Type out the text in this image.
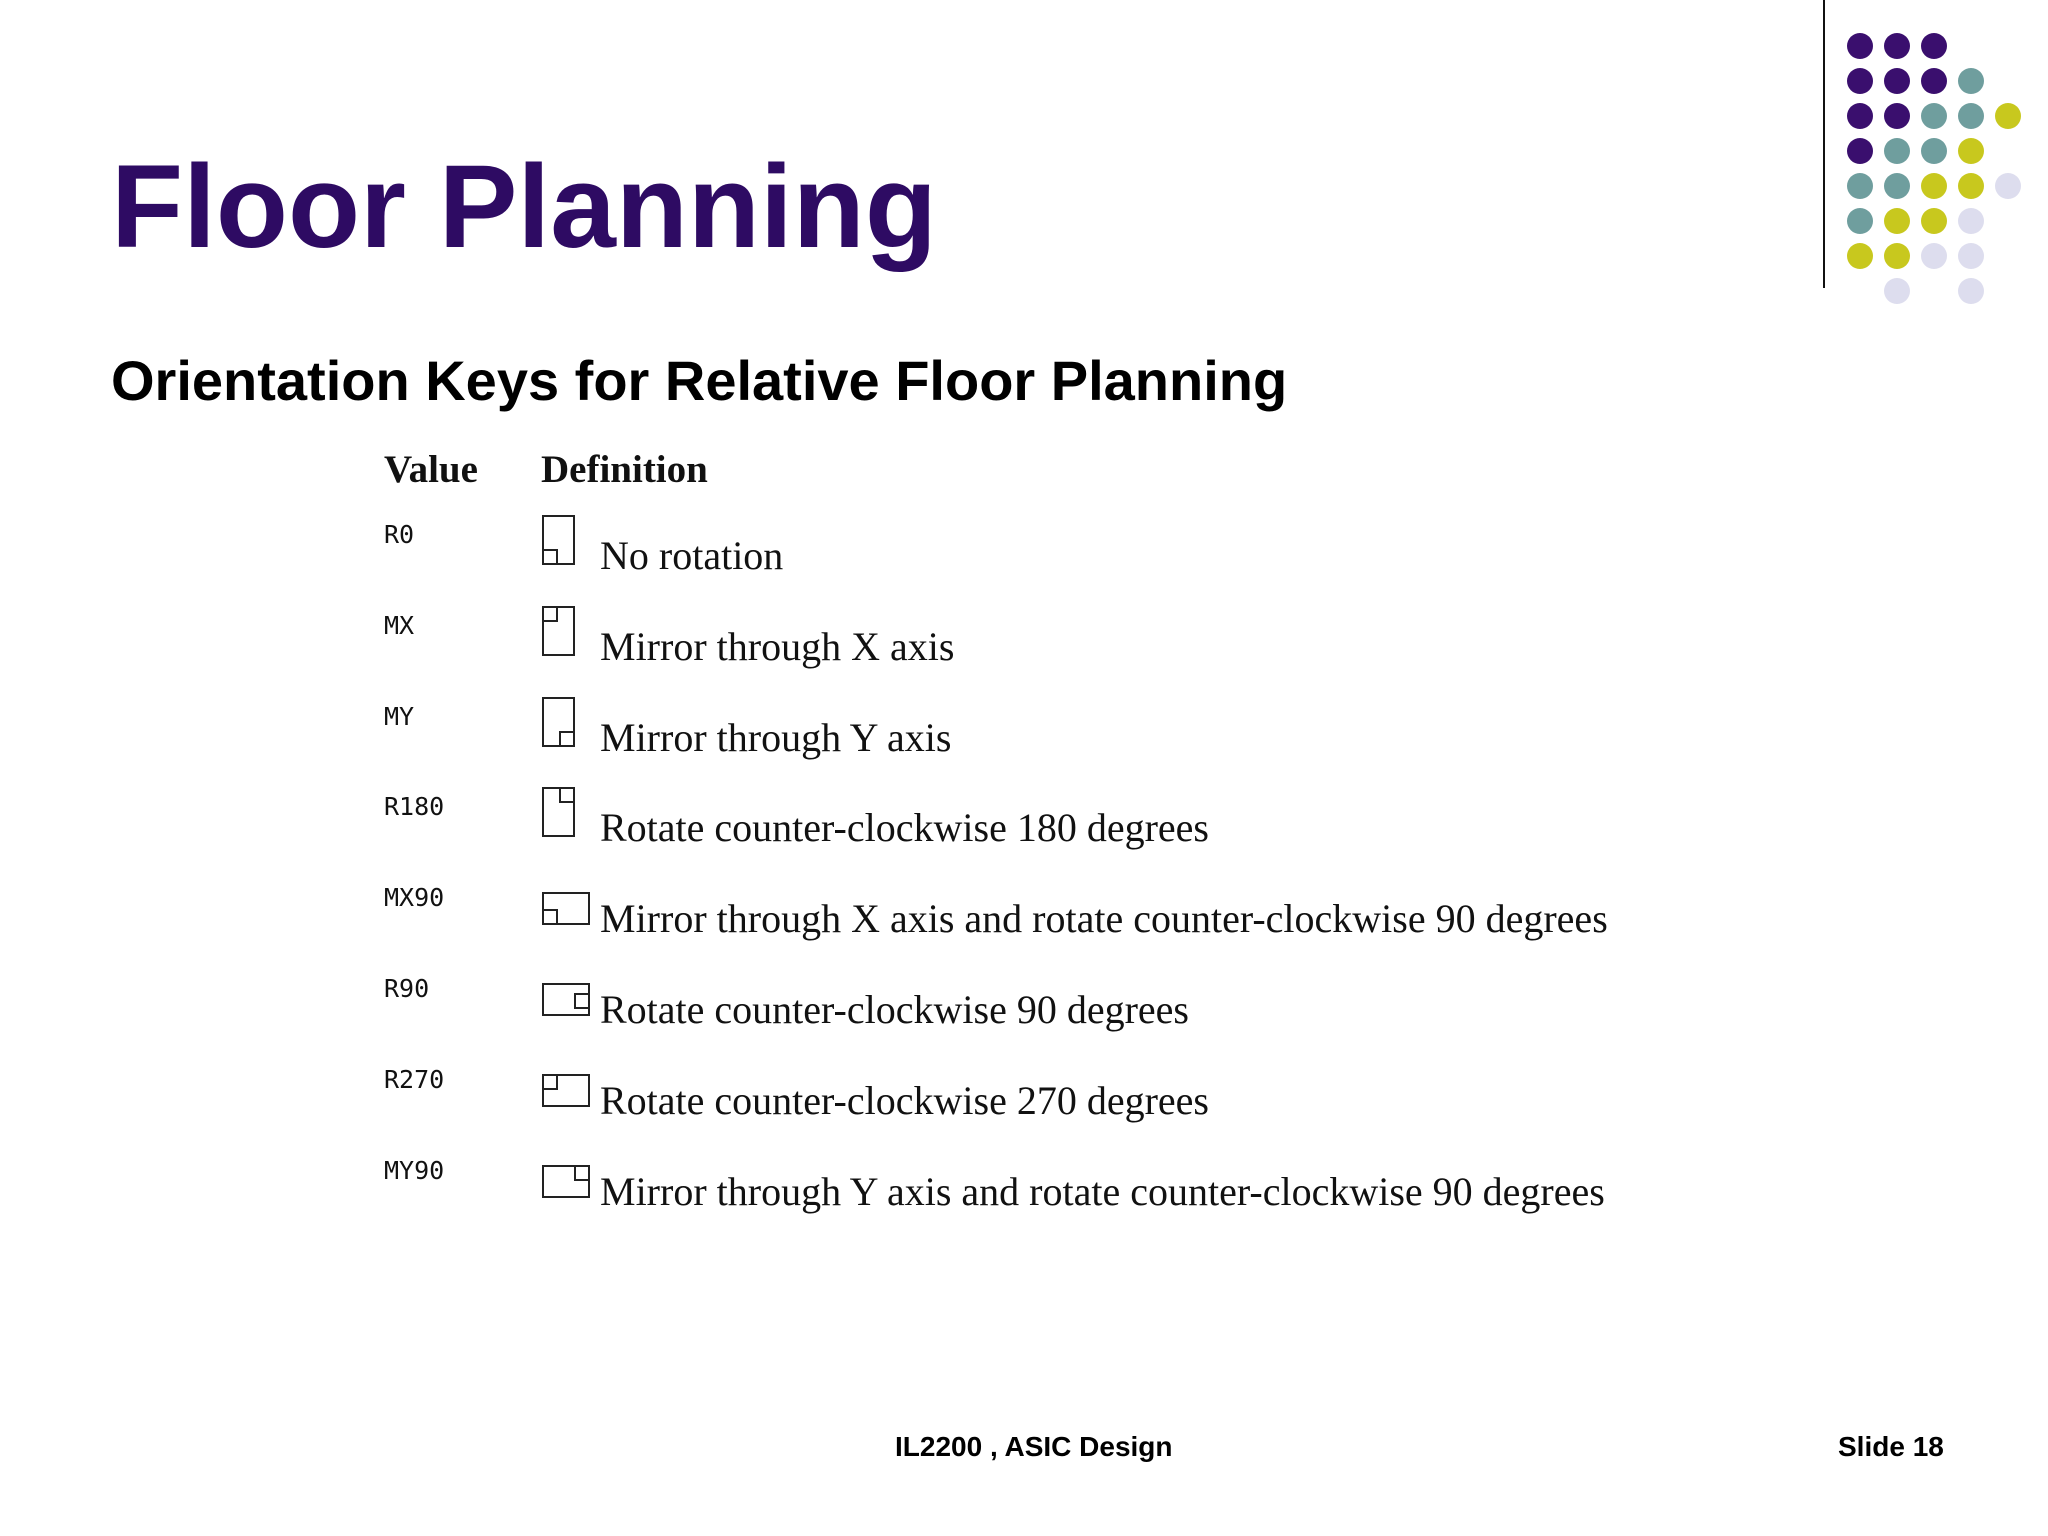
Floor Planning
Orientation Keys for Relative Floor Planning
Value Definition
R0	No rotation
MX	Mirror through X axis
MY	Mirror through Y axis
R180	Rotate counter-clockwise 180 degrees
MX90	Mirror through X axis and rotate counter-clockwise 90 degrees
R90	Rotate counter-clockwise 90 degrees
R270	Rotate counter-clockwise 270 degrees
MY90	Mirror through Y axis and rotate counter-clockwise 90 degrees
IL2200 , ASIC Design	Slide 18
